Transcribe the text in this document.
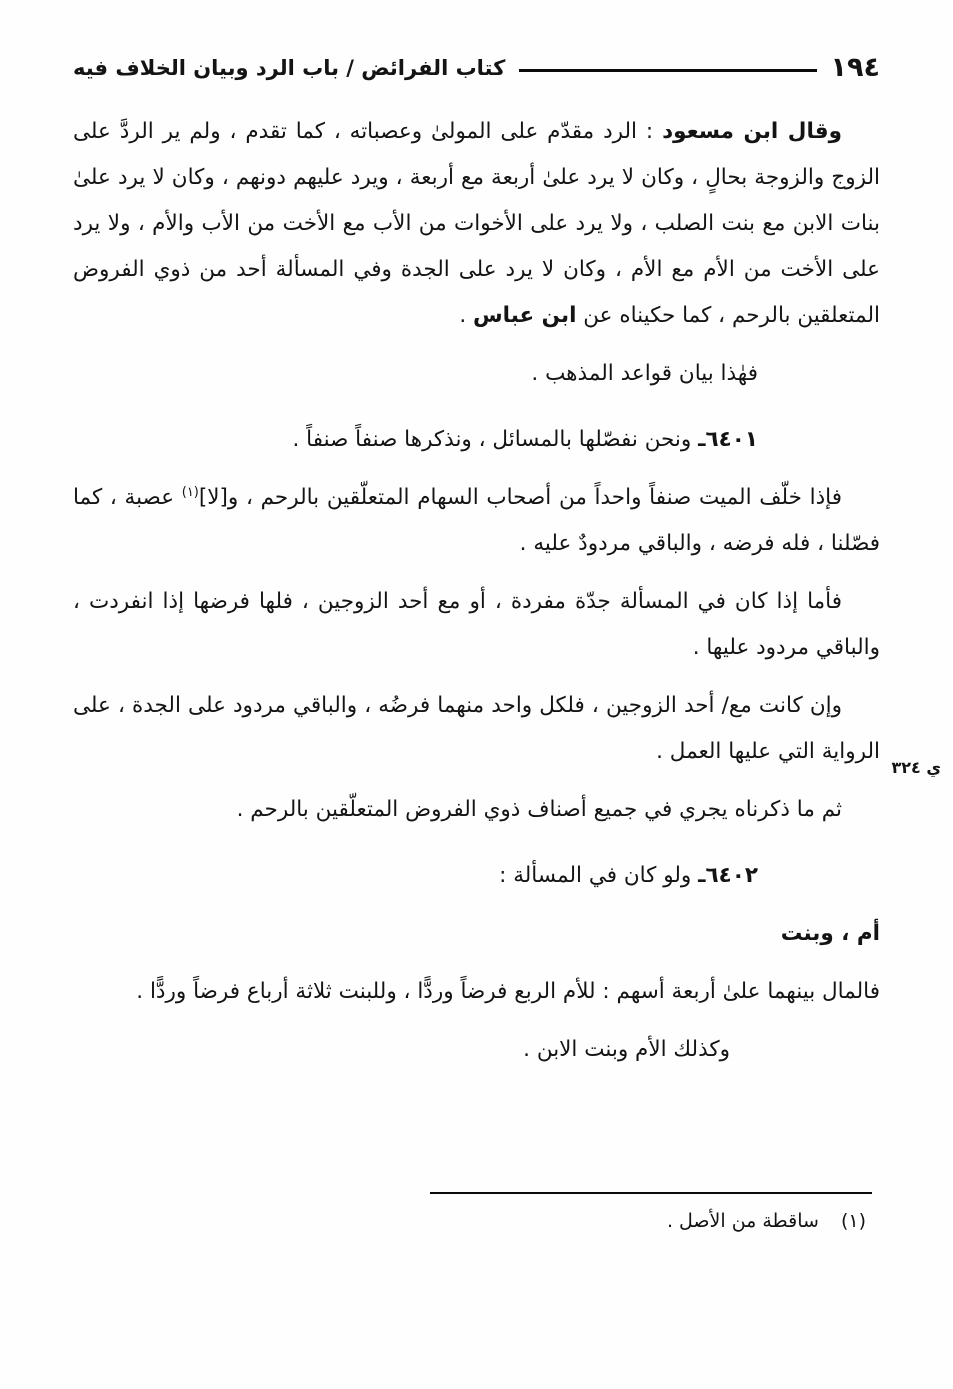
١٩٤
كتاب الفرائض / باب الرد وبيان الخلاف فيه

وقال ابن مسعود : الرد مقدّم على المولىٰ وعصباته ، كما تقدم ، ولم ير الردَّ على الزوج والزوجة بحالٍ ، وكان لا يرد علىٰ أربعة مع أربعة ، ويرد عليهم دونهم ، وكان لا يرد علىٰ بنات الابن مع بنت الصلب ، ولا يرد على الأخوات من الأب مع الأخت من الأب والأم ، ولا يرد على الأخت من الأم مع الأم ، وكان لا يرد على الجدة وفي المسألة أحد من ذوي الفروض المتعلقين بالرحم ، كما حكيناه عن ابن عباس .

فهٰذا بيان قواعد المذهب .

٦٤٠١ـ ونحن نفصّلها بالمسائل ، ونذكرها صنفاً صنفاً .

فإذا خلّف الميت صنفاً واحداً من أصحاب السهام المتعلّقين بالرحم ، و[لا]$^{(١)}$ عصبة ، كما فصّلنا ، فله فرضه ، والباقي مردودٌ عليه .

فأما إذا كان في المسألة جدّة مفردة ، أو مع أحد الزوجين ، فلها فرضها إذا انفردت ، والباقي مردود عليها .

وإن كانت مع/ أحد الزوجين ، فلكل واحد منهما فرضُه ، والباقي مردود على الجدة ، على الرواية التي عليها العمل .

ثم ما ذكرناه يجري في جميع أصناف ذوي الفروض المتعلّقين بالرحم .

٦٤٠٢ـ ولو كان في المسألة :

أم ، وبنت

فالمال بينهما علىٰ أربعة أسهم : للأم الربع فرضاً وردًّا ، وللبنت ثلاثة أرباع فرضاً وردًّا .

وكذلك الأم وبنت الابن .

ي ٣٢٤

(١)ساقطة من الأصل .
